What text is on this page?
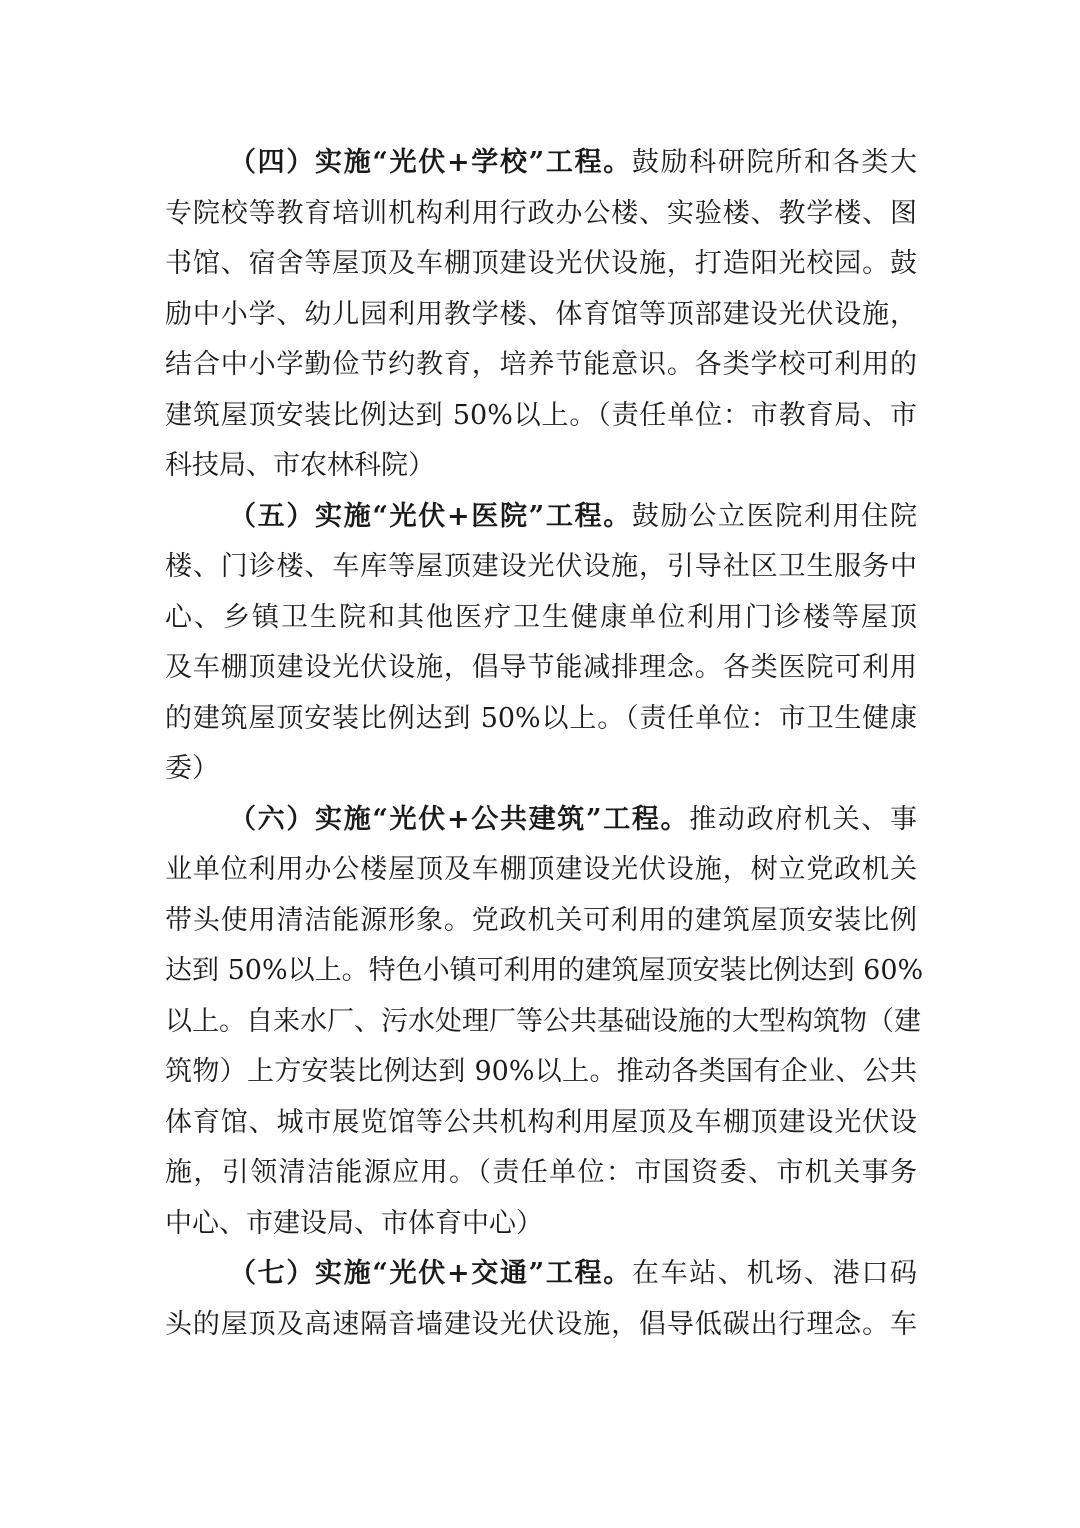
（四）实施“光伏+学校”工程。鼓励科研院所和各类大
专院校等教育培训机构利用行政办公楼、实验楼、教学楼、图
书馆、宿舍等屋顶及车棚顶建设光伏设施，打造阳光校园。鼓
励中小学、幼儿园利用教学楼、体育馆等顶部建设光伏设施，
结合中小学勤俭节约教育，培养节能意识。各类学校可利用的
建筑屋顶安装比例达到 50%以上。（责任单位：市教育局、市
科技局、市农林科院）
（五）实施“光伏+医院”工程。鼓励公立医院利用住院
楼、门诊楼、车库等屋顶建设光伏设施，引导社区卫生服务中
心、乡镇卫生院和其他医疗卫生健康单位利用门诊楼等屋顶
及车棚顶建设光伏设施，倡导节能减排理念。各类医院可利用
的建筑屋顶安装比例达到 50%以上。（责任单位：市卫生健康
委）
（六）实施“光伏+公共建筑”工程。推动政府机关、事
业单位利用办公楼屋顶及车棚顶建设光伏设施，树立党政机关
带头使用清洁能源形象。党政机关可利用的建筑屋顶安装比例
达到 50%以上。特色小镇可利用的建筑屋顶安装比例达到 60%
以上。自来水厂、污水处理厂等公共基础设施的大型构筑物（建
筑物）上方安装比例达到 90%以上。推动各类国有企业、公共
体育馆、城市展览馆等公共机构利用屋顶及车棚顶建设光伏设
施，引领清洁能源应用。（责任单位：市国资委、市机关事务
中心、市建设局、市体育中心）
（七）实施“光伏+交通”工程。在车站、机场、港口码
头的屋顶及高速隔音墙建设光伏设施，倡导低碳出行理念。车
